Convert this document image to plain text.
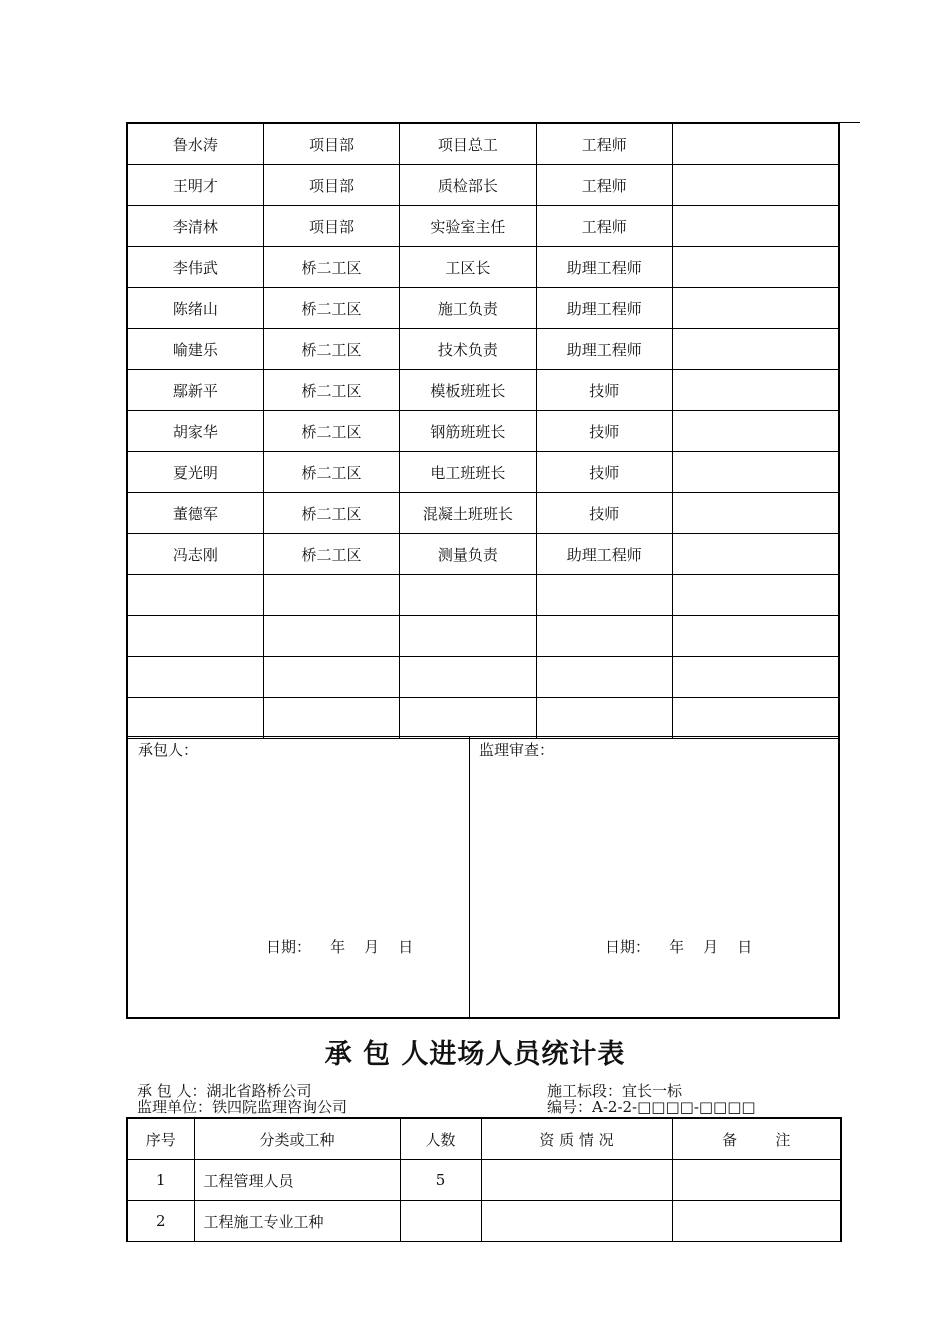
鲁水涛	项目部	项目总工	工程师	
王明才	项目部	质检部长	工程师	
李清林	项目部	实验室主任	工程师	
李伟武	桥二工区	工区长	助理工程师	
陈绪山	桥二工区	施工负责	助理工程师	
喻建乐	桥二工区	技术负责	助理工程师	
鄢新平	桥二工区	模板班班长	技师	
胡家华	桥二工区	钢筋班班长	技师	
夏光明	桥二工区	电工班班长	技师	
董德军	桥二工区	混凝土班班长	技师	
冯志刚	桥二工区	测量负责	助理工程师	

承包人：
日期：    年    月    日
监理审查：
日期：    年    月    日
承 包 人进场人员统计表
承 包 人：湖北省路桥公司
监理单位：铁四院监理咨询公司
施工标段：宜长一标
编号：A-2-2-□□□□-□□□□
序号	分类或工种	人数	资 质 情 况	备        注
1	工程管理人员	5		
2	工程施工专业工种			
